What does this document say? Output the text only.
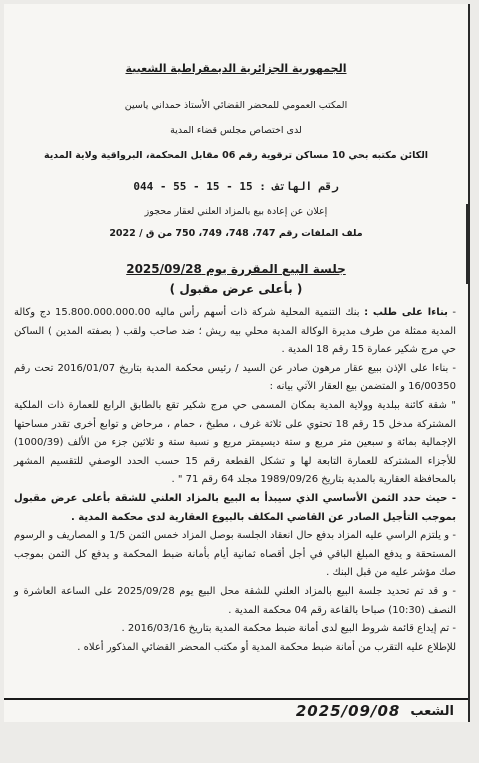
الجمهورية الجزائرية الديمقراطية الشعبية
المكتب العمومي للمحضر القضائي الأستاذ حمداني ياسين
لدى اختصاص مجلس قضاء المدية
الكائن مكتبه بحي 10 مساكن ترقوية رقم 06 مقابل المحكمة، البرواقية ولاية المدية
رقم الهاتف : 15 - 15 - 55 - 044
إعلان عن إعادة بيع بالمزاد العلني لعقار محجوز
ملف الملفات رقم 747، 748، 749، 750 من ق / 2022
جلسة البيع المقررة يوم 2025/09/28
( بأعلى عرض مقبول )

- بناءا على طلب : بنك التنمية المحلية شركة ذات أسهم رأس ماليه 15.800.000.000.00 دج وكالة المدية ممثلة من طرف مديرة الوكالة المدية محلي بيه ريش ؛ ضد صاحب ولقب ( بصفته المدين ) الساكن حي مرج شكير عمارة 15 رقم 18 المدية .

- بناءا على الإذن ببيع عقار مرهون صادر عن السيد / رئيس محكمة المدية بتاريخ 2016/01/07 تحت رقم 16/00350 و المتضمن بيع العقار الآتي بيانه :

" شقة كائنة ببلدية وولاية المدية بمكان المسمى حي مرج شكير تقع بالطابق الرابع للعمارة ذات الملكية المشتركة مدخل 15 رقم 18 تحتوي على ثلاثة غرف ، مطبخ ، حمام ، مرحاض و توابع أخرى تقدر مساحتها الإجمالية بمائة و سبعين متر مربع و ستة ديسيمتر مربع و نسبة ستة و ثلاثين جزء من الألف (1000/39) للأجزاء المشتركة للعمارة التابعة لها و تشكل القطعة رقم 15 حسب الحدد الوصفي للتقسيم المشهر بالمحافظة العقارية بالمدية بتاريخ 1989/09/26 مجلد 64 رقم 71 " .

- حيث حدد الثمن الأساسي الذي سيبدأ به البيع بالمزاد العلني للشقة بأعلى عرض مقبول بموجب التأجيل الصادر عن القاضي المكلف بالبيوع العقارية لدى محكمة المدية .

- و يلتزم الراسي عليه المزاد بدفع حال انعقاد الجلسة بوصل المزاد خمس الثمن 1/5 و المصاريف و الرسوم المستحقة و يدفع المبلغ الباقي في أجل أقصاه ثمانية أيام بأمانة ضبط المحكمة و يدفع كل الثمن بموجب صك مؤشر عليه من قبل البنك .

- و قد تم تحديد جلسة البيع بالمزاد العلني للشقة محل البيع يوم 2025/09/28 على الساعة العاشرة و النصف (10:30) صباحا بالقاعة رقم 04 محكمة المدية .

- تم إيداع قائمة شروط البيع لدى أمانة ضبط محكمة المدية بتاريخ 2016/03/16 .

للإطلاع عليه التقرب من أمانة ضبط محكمة المدية أو مكتب المحضر القضائي المذكور أعلاه .

2025/09/08 الشعب
